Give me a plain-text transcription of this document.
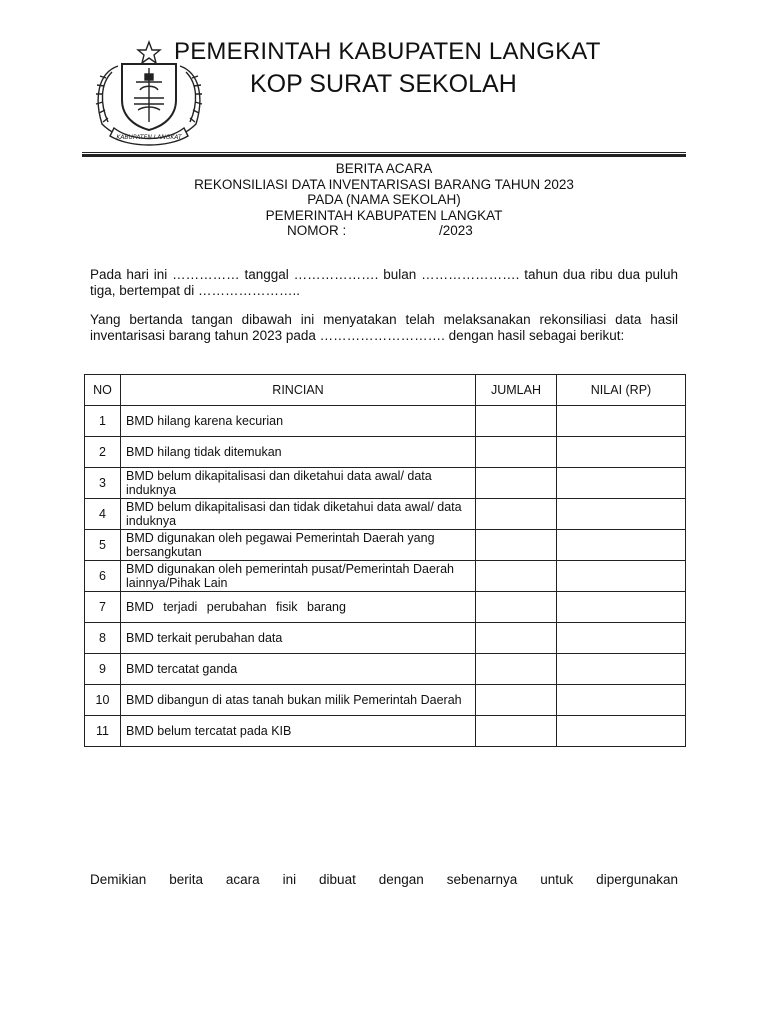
KABUPATEN LANGKAT
PEMERINTAH KABUPATEN LANGKAT
KOP SURAT SEKOLAH
BERITA ACARA
REKONSILIASI DATA INVENTARISASI BARANG TAHUN 2023
PADA (NAMA SEKOLAH)
PEMERINTAH KABUPATEN LANGKAT
NOMOR :	/2023
Pada hari ini …………… tanggal ………………. bulan …………………. tahun dua ribu dua puluh tiga, bertempat di …………………..
Yang bertanda tangan dibawah ini menyatakan telah melaksanakan rekonsiliasi data hasil inventarisasi barang tahun 2023 pada ………………………. dengan hasil sebagai berikut:
NO	RINCIAN	JUMLAH	NILAI (RP)
1	BMD hilang karena kecurian		
2	BMD hilang tidak ditemukan		
3	BMD belum dikapitalisasi dan diketahui data awal/ data induknya		
4	BMD belum dikapitalisasi dan tidak diketahui data awal/ data induknya		
5	BMD digunakan oleh pegawai Pemerintah Daerah yang bersangkutan		
6	BMD digunakan oleh pemerintah pusat/Pemerintah Daerah lainnya/Pihak Lain		
7	BMD terjadi perubahan fisik barang		
8	BMD terkait perubahan data		
9	BMD tercatat ganda		
10	BMD dibangun di atas tanah bukan milik Pemerintah Daerah		
11	BMD belum tercatat pada KIB		
Demikian berita acara ini dibuat dengan sebenarnya untuk dipergunakan
